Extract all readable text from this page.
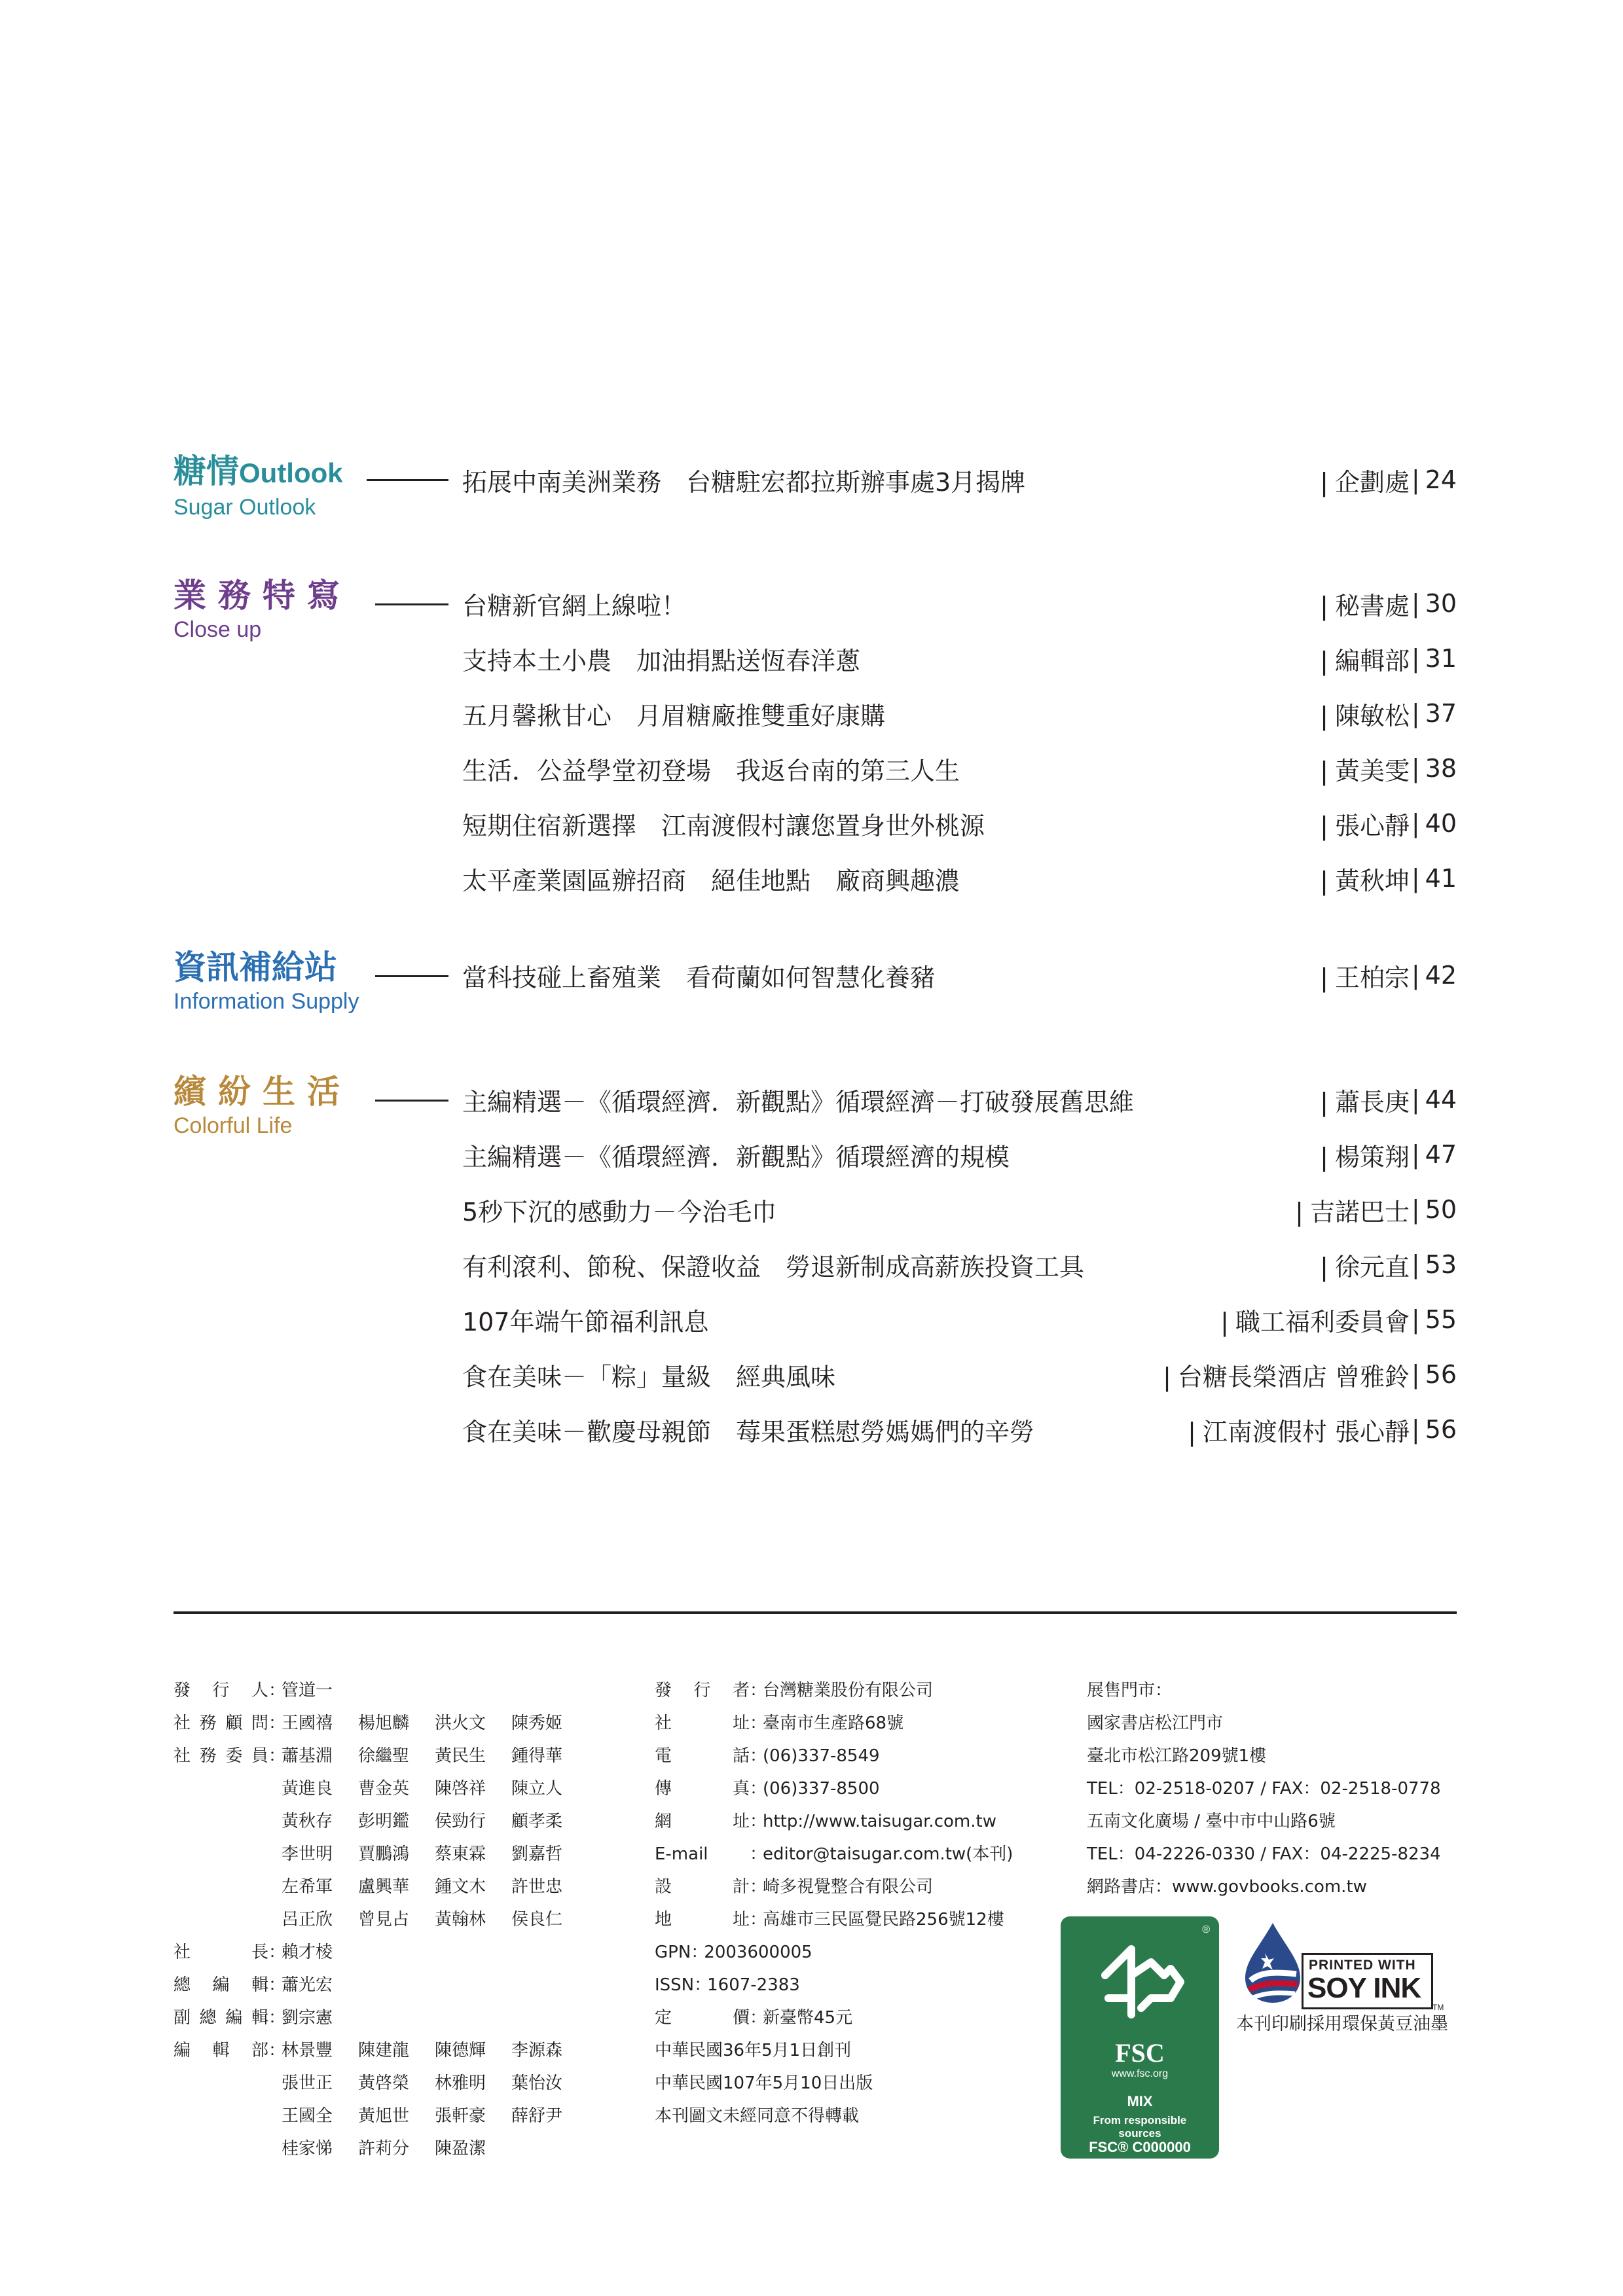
糖情Outlook
Sugar Outlook
拓展中南美洲業務　台糖駐宏都拉斯辦事處3月揭牌	| 企劃處 | 24
業務特寫
Close up
台糖新官網上線啦！	| 秘書處 | 30
支持本土小農　加油捐點送恆春洋蔥	| 編輯部 | 31
五月馨揪甘心　月眉糖廠推雙重好康購	| 陳敏松 | 37
生活．公益學堂初登場　我返台南的第三人生	| 黃美雯 | 38
短期住宿新選擇　江南渡假村讓您置身世外桃源	| 張心靜 | 40
太平產業園區辦招商　絕佳地點　廠商興趣濃	| 黃秋坤 | 41
資訊補給站
Information Supply
當科技碰上畜殖業　看荷蘭如何智慧化養豬	| 王柏宗 | 42
繽紛生活
Colorful Life
主編精選－《循環經濟．新觀點》循環經濟－打破發展舊思維	| 蕭長庚 | 44
主編精選－《循環經濟．新觀點》循環經濟的規模	| 楊策翔 | 47
5秒下沉的感動力－今治毛巾	| 吉諾巴士 | 50
有利滾利、節稅、保證收益　勞退新制成高薪族投資工具	| 徐元直 | 53
107年端午節福利訊息	| 職工福利委員會 | 55
食在美味－「粽」量級　經典風味	| 台糖長榮酒店 曾雅鈴 | 56
食在美味－歡慶母親節　莓果蛋糕慰勞媽媽們的辛勞	| 江南渡假村 張心靜 | 56
發行人 ：
管道一
社務顧問 ：
王國禧	楊旭麟	洪火文	陳秀姬
社務委員 ：
蕭基淵	徐繼聖	黃民生	鍾得華
黃進良	曹金英	陳啓祥	陳立人
黃秋存	彭明鑑	侯勁行	顧孝柔
李世明	賈鵬鴻	蔡東霖	劉嘉哲
左希軍	盧興華	鍾文木	許世忠
呂正欣	曾見占	黃翰林	侯良仁
社長 ：
賴才棱
總編輯 ：
蕭光宏
副總編輯 ：
劉宗憲
編輯部 ：
林景豐	陳建龍	陳德輝	李源森
張世正	黃啓榮	林雅明	葉怡汝
王國全	黃旭世	張軒豪	薛舒尹
桂家悌	許莉分	陳盈潔
發行者 ：
台灣糖業股份有限公司
社址 ：
臺南市生產路68號
電話 ：
(06)337-8549
傳真 ：
(06)337-8500
網址 ：
http://www.taisugar.com.tw
E-mail	：
editor@taisugar.com.tw(本刊)
設計 ：
崎多視覺整合有限公司
地址 ：
高雄市三民區覺民路256號12樓
GPN ：
2003600005
ISSN ：
1607-2383
定價 ：
新臺幣45元
中華民國36年5月1日創刊
中華民國107年5月10日出版
本刊圖文未經同意不得轉載
展售門市：
國家書店松江門市
臺北市松江路209號1樓
TEL：02-2518-0207 / FAX：02-2518-0778
五南文化廣場 / 臺中市中山路6號
TEL：04-2226-0330 / FAX：04-2225-8234
網路書店：www.govbooks.com.tw
®
FSC
www.fsc.org
MIX
From responsible sources
FSC® C000000
PRINTED WITH
SOY INK
TM
本刊印刷採用環保黃豆油墨
